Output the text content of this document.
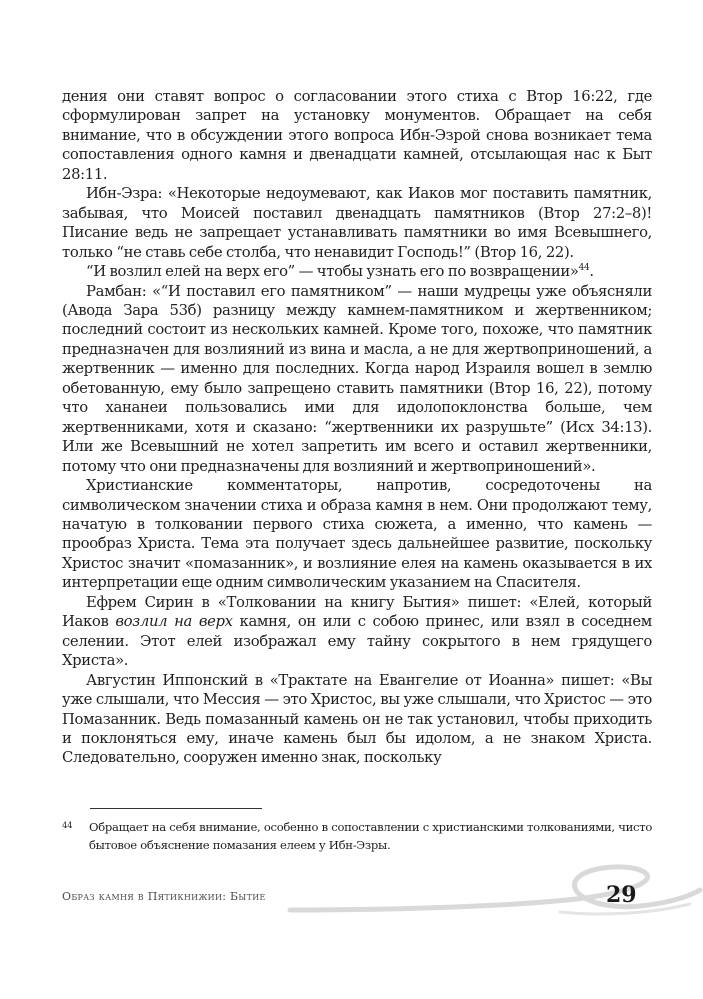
дения они ставят вопрос о согласовании этого стиха с Втор 16:22, где сформулирован запрет на установку монументов. Обращает на себя внимание, что в обсуждении этого вопроса Ибн-Эзрой снова возникает тема сопоставления одного камня и двенадцати камней, отсылающая нас к Быт 28:11.

Ибн-Эзра: «Некоторые недоумевают, как Иаков мог поставить памятник, забывая, что Моисей поставил двенадцать памятников (Втор 27:2–8)! Писание ведь не запрещает устанавливать памятники во имя Всевышнего, только “не ставь себе столба, что ненавидит Господь!” (Втор 16, 22).

“И возлил елей на верх его” — чтобы узнать его по возвращении»$^{44}$.

Рамбан: «“И поставил его памятником” — наши мудрецы уже объясняли (Авода Зара 53б) разницу между камнем-памятником и жертвенником; последний состоит из нескольких камней. Кроме того, похоже, что памятник предназначен для возлияний из вина и масла, а не для жертвоприношений, а жертвенник — именно для последних. Когда народ Израиля вошел в землю обетованную, ему было запрещено ставить памятники (Втор 16, 22), потому что хананеи пользовались ими для идолопоклонства больше, чем жертвенниками, хотя и сказано: “жертвенники их разрушьте” (Исх 34:13). Или же Всевышний не хотел запретить им всего и оставил жертвенники, потому что они предназначены для возлияний и жертвоприношений».

Христианские комментаторы, напротив, сосредоточены на символическом значении стиха и образа камня в нем. Они продолжают тему, начатую в толковании первого стиха сюжета, а именно, что камень — прообраз Христа. Тема эта получает здесь дальнейшее развитие, поскольку Христос значит «помазанник», и возлияние елея на камень оказывается в их интерпретации еще одним символическим указанием на Спасителя.

Ефрем Сирин в «Толковании на книгу Бытия» пишет: «Елей, который Иаков возлил на верх камня, он или с собою принес, или взял в соседнем селении. Этот елей изображал ему тайну сокрытого в нем грядущего Христа».

Августин Иппонский в «Трактате на Евангелие от Иоанна» пишет: «Вы уже слышали, что Мессия — это Христос, вы уже слышали, что Христос — это Помазанник. Ведь помазанный камень он не так установил, чтобы приходить и поклоняться ему, иначе камень был бы идолом, а не знаком Христа. Следовательно, сооружен именно знак, поскольку

44	Обращает на себя внимание, особенно в сопоставлении с христианскими толкованиями, чисто бытовое объяснение помазания елеем у Ибн-Эзры.
Образ камня в Пятикнижии: Бытие	29
